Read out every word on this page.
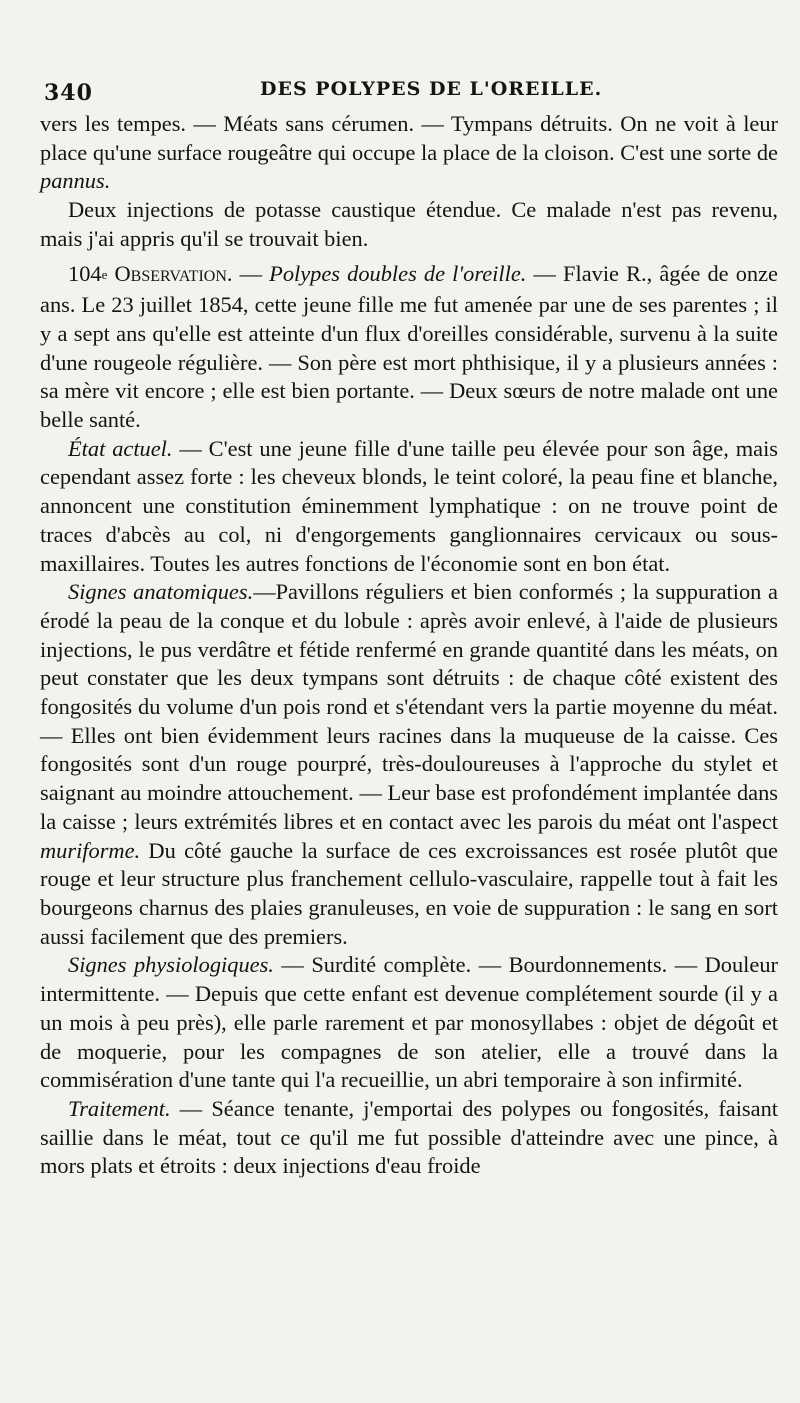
340	DES POLYPES DE L'OREILLE.

vers les tempes. — Méats sans cérumen. — Tympans détruits. On ne voit à leur place qu'une surface rougeâtre qui occupe la place de la cloison. C'est une sorte de pannus.

Deux injections de potasse caustique étendue. Ce malade n'est pas revenu, mais j'ai appris qu'il se trouvait bien.

104e Observation. — Polypes doubles de l'oreille. — Flavie R., âgée de onze ans. Le 23 juillet 1854, cette jeune fille me fut amenée par une de ses parentes ; il y a sept ans qu'elle est atteinte d'un flux d'oreilles considérable, survenu à la suite d'une rougeole régulière. — Son père est mort phthisique, il y a plusieurs années : sa mère vit encore ; elle est bien portante. — Deux sœurs de notre malade ont une belle santé.

État actuel. — C'est une jeune fille d'une taille peu élevée pour son âge, mais cependant assez forte : les cheveux blonds, le teint coloré, la peau fine et blanche, annoncent une constitution éminemment lymphatique : on ne trouve point de traces d'abcès au col, ni d'engorgements ganglionnaires cervicaux ou sous-maxillaires. Toutes les autres fonctions de l'économie sont en bon état.

Signes anatomiques.—Pavillons réguliers et bien conformés ; la suppuration a érodé la peau de la conque et du lobule : après avoir enlevé, à l'aide de plusieurs injections, le pus verdâtre et fétide renfermé en grande quantité dans les méats, on peut constater que les deux tympans sont détruits : de chaque côté existent des fongosités du volume d'un pois rond et s'étendant vers la partie moyenne du méat. — Elles ont bien évidemment leurs racines dans la muqueuse de la caisse. Ces fongosités sont d'un rouge pourpré, très-douloureuses à l'approche du stylet et saignant au moindre attouchement. — Leur base est profondément implantée dans la caisse ; leurs extrémités libres et en contact avec les parois du méat ont l'aspect muriforme. Du côté gauche la surface de ces excroissances est rosée plutôt que rouge et leur structure plus franchement cellulo-vasculaire, rappelle tout à fait les bourgeons charnus des plaies granuleuses, en voie de suppuration : le sang en sort aussi facilement que des premiers.

Signes physiologiques. — Surdité complète. — Bourdonnements. — Douleur intermittente. — Depuis que cette enfant est devenue complétement sourde (il y a un mois à peu près), elle parle rarement et par monosyllabes : objet de dégoût et de moquerie, pour les compagnes de son atelier, elle a trouvé dans la commisération d'une tante qui l'a recueillie, un abri temporaire à son infirmité.

Traitement. — Séance tenante, j'emportai des polypes ou fongosités, faisant saillie dans le méat, tout ce qu'il me fut possible d'atteindre avec une pince, à mors plats et étroits : deux injections d'eau froide
